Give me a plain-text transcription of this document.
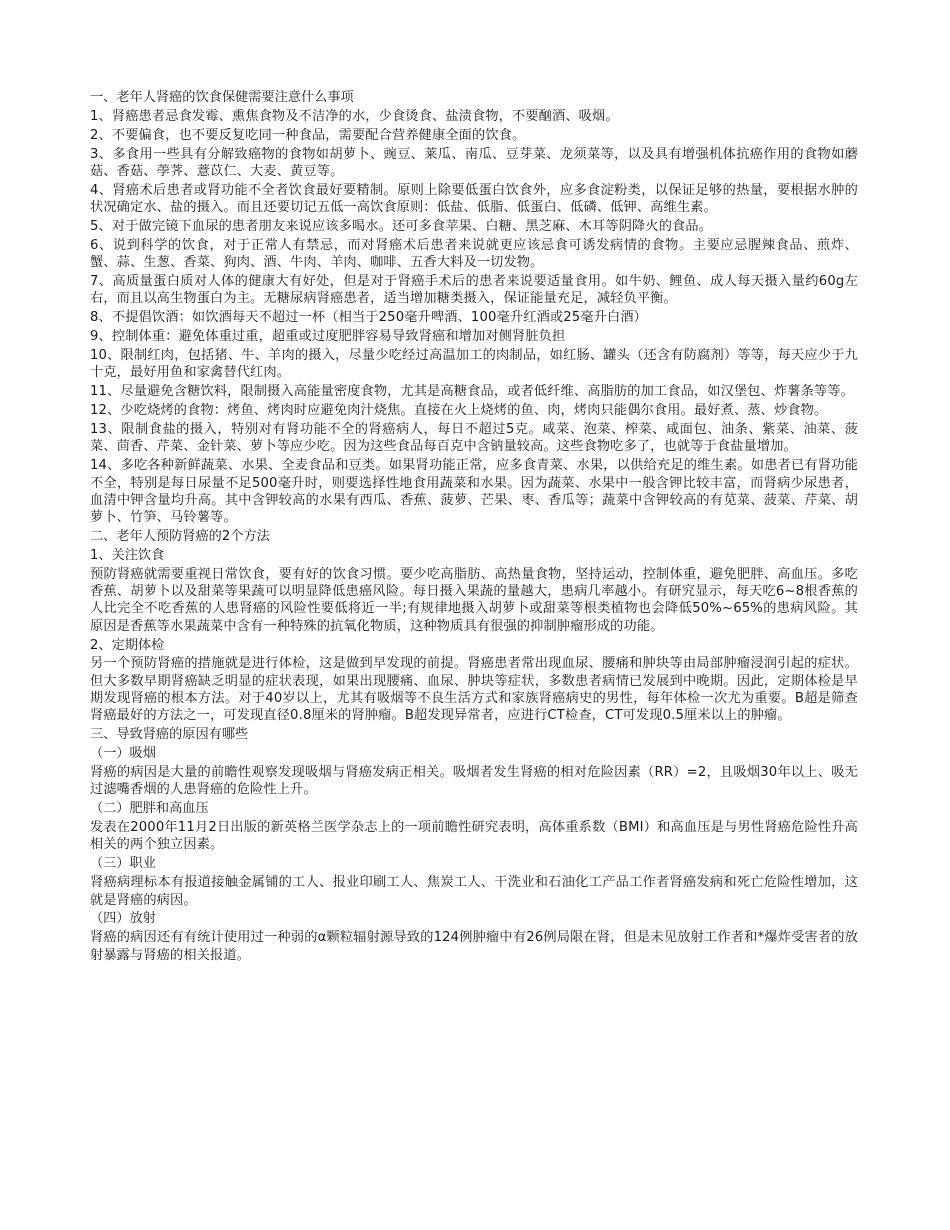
一、老年人肾癌的饮食保健需要注意什么事项
1、肾癌患者忌食发霉、熏焦食物及不洁净的水，少食烫食、盐渍食物，不要酗酒、吸烟。
2、不要偏食，也不要反复吃同一种食品，需要配合营养健康全面的饮食。
3、多食用一些具有分解致癌物的食物如胡萝卜、豌豆、莱瓜、南瓜、豆芽菜、龙须菜等，以及具有增强机体抗癌作用的食物如蘑菇、香菇、荸荠、薏苡仁、大麦、黄豆等。
4、肾癌术后患者或肾功能不全者饮食最好要精制。原则上除要低蛋白饮食外，应多食淀粉类，以保证足够的热量，要根据水肿的状况确定水、盐的摄入。而且还要切记五低一高饮食原则：低盐、低脂、低蛋白、低磷、低钾、高维生素。
5、对于做完镜下血尿的患者朋友来说应该多喝水。还可多食苹果、白糖、黑芝麻、木耳等阴降火的食品。
6、说到科学的饮食，对于正常人有禁忌，而对肾癌术后患者来说就更应该忌食可诱发病情的食物。主要应忌腥辣食品、煎炸、蟹、蒜、生葱、香菜、狗肉、酒、牛肉、羊肉、咖啡、五香大料及一切发物。
7、高质量蛋白质对人体的健康大有好处，但是对于肾癌手术后的患者来说要适量食用。如牛奶、鲤鱼、成人每天摄入量约60g左右，而且以高生物蛋白为主。无糖尿病肾癌患者，适当增加糖类摄入，保证能量充足，减轻负平衡。
8、不提倡饮酒：如饮酒每天不超过一杯（相当于250毫升啤酒、100毫升红酒或25毫升白酒）
9、控制体重：避免体重过重，超重或过度肥胖容易导致肾癌和增加对侧肾脏负担
10、限制红肉，包括猪、牛、羊肉的摄入，尽量少吃经过高温加工的肉制品，如红肠、罐头（还含有防腐剂）等等，每天应少于九十克，最好用鱼和家禽替代红肉。
11、尽量避免含糖饮料，限制摄入高能量密度食物，尤其是高糖食品，或者低纤维、高脂肪的加工食品，如汉堡包、炸薯条等等。
12、少吃烧烤的食物：烤鱼、烤肉时应避免肉汁烧焦。直接在火上烧烤的鱼、肉，烤肉只能偶尔食用。最好煮、蒸、炒食物。
13、限制食盐的摄入，特别对有肾功能不全的肾癌病人，每日不超过5克。咸菜、泡菜、榨菜、咸面包、油条、紫菜、油菜、菠菜、茴香、芹菜、金针菜、萝卜等应少吃。因为这些食品每百克中含钠量较高。这些食物吃多了，也就等于食盐量增加。
14、多吃各种新鲜蔬菜、水果、全麦食品和豆类。如果肾功能正常，应多食青菜、水果，以供给充足的维生素。如患者已有肾功能不全，特别是每日尿量不足500毫升时，则要选择性地食用蔬菜和水果。因为蔬菜、水果中一般含钾比较丰富，而肾病少尿患者，血清中钾含量均升高。其中含钾较高的水果有西瓜、香蕉、菠萝、芒果、枣、香瓜等；蔬菜中含钾较高的有苋菜、菠菜、芹菜、胡萝卜、竹笋、马铃薯等。
二、老年人预防肾癌的2个方法
1、关注饮食
预防肾癌就需要重视日常饮食，要有好的饮食习惯。要少吃高脂肪、高热量食物，坚持运动，控制体重，避免肥胖、高血压。多吃香蕉、胡萝卜以及甜菜等果蔬可以明显降低患癌风险。每日摄入果蔬的量越大，患病几率越小。有研究显示，每天吃6~8根香蕉的人比完全不吃香蕉的人患肾癌的风险性要低将近一半;有规律地摄入胡萝卜或甜菜等根类植物也会降低50%~65%的患病风险。其原因是香蕉等水果蔬菜中含有一种特殊的抗氧化物质，这种物质具有很强的抑制肿瘤形成的功能。
2、定期体检
另一个预防肾癌的措施就是进行体检，这是做到早发现的前提。肾癌患者常出现血尿、腰痛和肿块等由局部肿瘤浸润引起的症状。但大多数早期肾癌缺乏明显的症状表现，如果出现腰痛、血尿、肿块等症状，多数患者病情已发展到中晚期。因此，定期体检是早期发现肾癌的根本方法。对于40岁以上，尤其有吸烟等不良生活方式和家族肾癌病史的男性，每年体检一次尤为重要。B超是筛查肾癌最好的方法之一，可发现直径0.8厘米的肾肿瘤。B超发现异常者，应进行CT检查，CT可发现0.5厘米以上的肿瘤。
三、导致肾癌的原因有哪些
（一）吸烟
肾癌的病因是大量的前瞻性观察发现吸烟与肾癌发病正相关。吸烟者发生肾癌的相对危险因素（RR）=2，且吸烟30年以上、吸无过滤嘴香烟的人患肾癌的危险性上升。
（二）肥胖和高血压
发表在2000年11月2日出版的新英格兰医学杂志上的一项前瞻性研究表明，高体重系数（BMI）和高血压是与男性肾癌危险性升高相关的两个独立因素。
（三）职业
肾癌病理标本有报道接触金属铺的工人、报业印刷工人、焦炭工人、干洗业和石油化工产品工作者肾癌发病和死亡危险性增加，这就是肾癌的病因。
（四）放射
肾癌的病因还有有统计使用过一种弱的α颗粒辐射源导致的124例肿瘤中有26例局限在肾，但是未见放射工作者和*爆炸受害者的放射暴露与肾癌的相关报道。
